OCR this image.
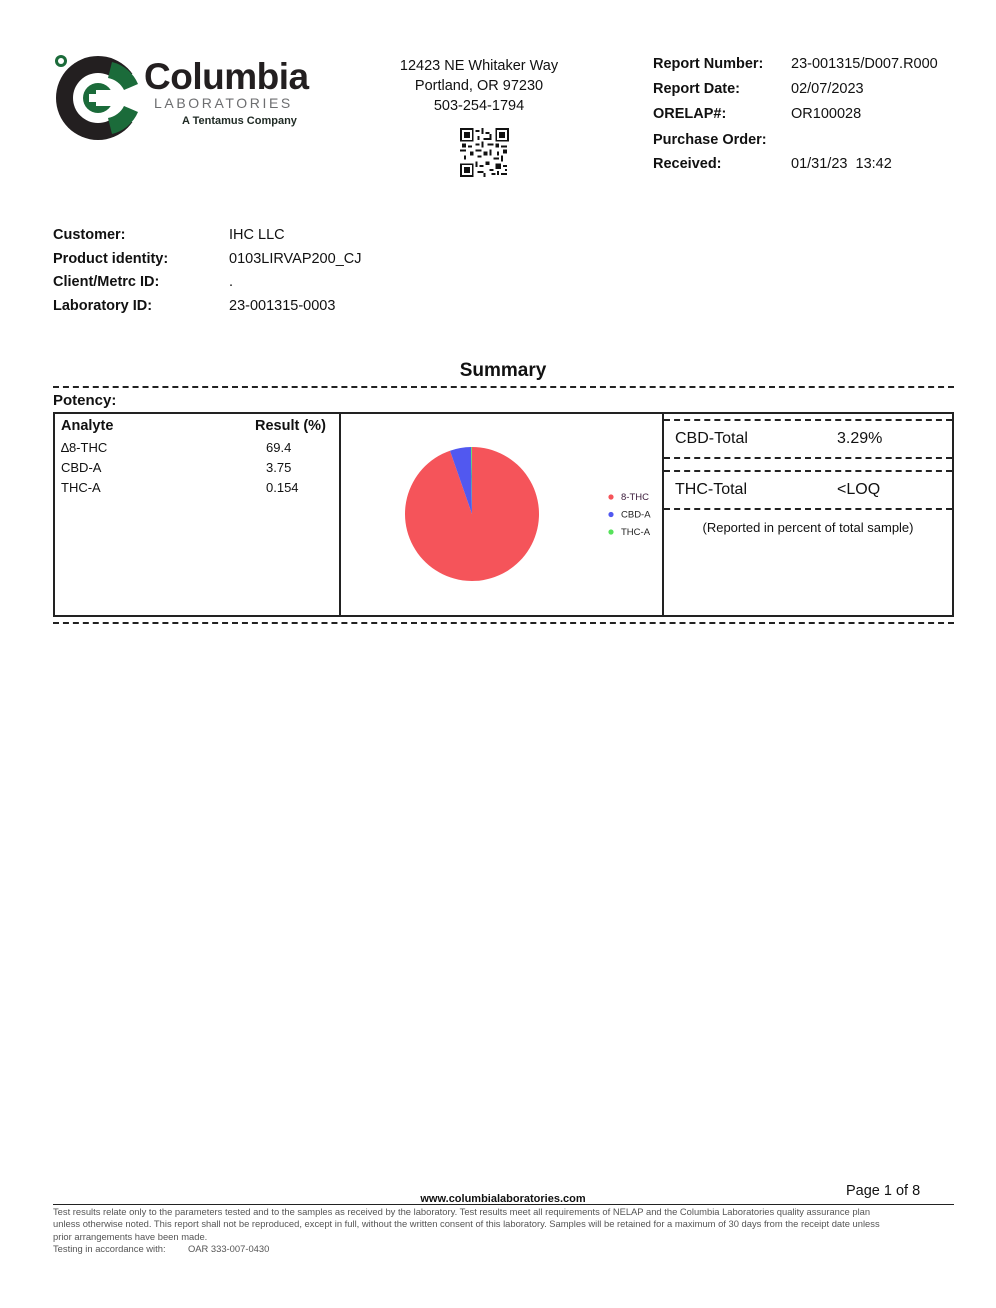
Columbia
LABORATORIES
A Tentamus Company
12423 NE Whitaker Way
Portland, OR 97230
503-254-1794
Report Number: 23-001315/D007.R000
Report Date:	02/07/2023
ORELAP#:	OR100028
Purchase Order:
Received:	01/31/23  13:42
Customer:	IHC LLC
Product identity:	0103LIRVAP200_CJ
Client/Metrc ID:	.
Laboratory ID:	23-001315-0003
Summary
Potency:
Analyte	Result (%)
∆8-THC	69.4
CBD-A	3.75
THC-A	0.154
8-THC
CBD-A
THC-A
CBD-Total	3.29%
THC-Total	<LOQ
(Reported in percent of total sample)
Page 1 of 8
www.columbialaboratories.com
Test results relate only to the parameters tested and to the samples as received by the laboratory. Test results meet all requirements of NELAP and the Columbia Laboratories quality assurance plan
unless otherwise noted. This report shall not be reproduced, except in full, without the written consent of this laboratory. Samples will be retained for a maximum of 30 days from the receipt date unless
prior arrangements have been made.
Testing in accordance with: OAR 333-007-0430
